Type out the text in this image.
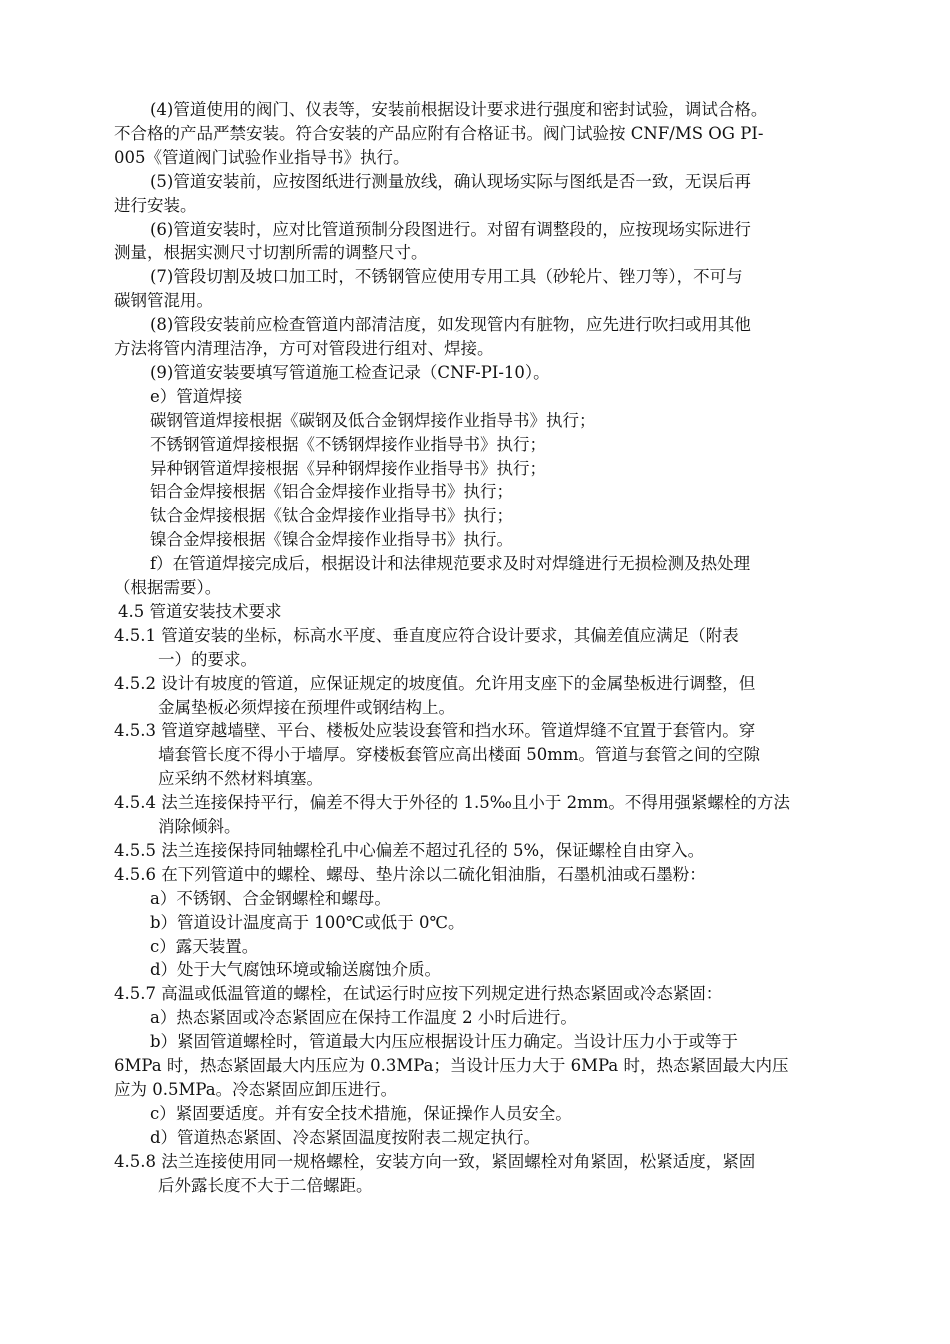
(4)管道使用的阀门、仪表等，安装前根据设计要求进行强度和密封试验，调试合格。
不合格的产品严禁安装。符合安装的产品应附有合格证书。阀门试验按 CNF/MS OG PI-
005《管道阀门试验作业指导书》执行。
(5)管道安装前，应按图纸进行测量放线，确认现场实际与图纸是否一致，无误后再
进行安装。
(6)管道安装时，应对比管道预制分段图进行。对留有调整段的，应按现场实际进行
测量，根据实测尺寸切割所需的调整尺寸。
(7)管段切割及坡口加工时，不锈钢管应使用专用工具（砂轮片、锉刀等），不可与
碳钢管混用。
(8)管段安装前应检查管道内部清洁度，如发现管内有脏物，应先进行吹扫或用其他
方法将管内清理洁净，方可对管段进行组对、焊接。
(9)管道安装要填写管道施工检查记录（CNF-PI-10）。
e）管道焊接
碳钢管道焊接根据《碳钢及低合金钢焊接作业指导书》执行；
不锈钢管道焊接根据《不锈钢焊接作业指导书》执行；
异种钢管道焊接根据《异种钢焊接作业指导书》执行；
铝合金焊接根据《铝合金焊接作业指导书》执行；
钛合金焊接根据《钛合金焊接作业指导书》执行；
镍合金焊接根据《镍合金焊接作业指导书》执行。
f）在管道焊接完成后，根据设计和法律规范要求及时对焊缝进行无损检测及热处理
（根据需要）。
4.5 管道安装技术要求
4.5.1 管道安装的坐标，标高水平度、垂直度应符合设计要求，其偏差值应满足（附表
一）的要求。
4.5.2 设计有坡度的管道，应保证规定的坡度值。允许用支座下的金属垫板进行调整，但
金属垫板必须焊接在预埋件或钢结构上。
4.5.3 管道穿越墙壁、平台、楼板处应装设套管和挡水环。管道焊缝不宜置于套管内。穿
墙套管长度不得小于墙厚。穿楼板套管应高出楼面 50mm。管道与套管之间的空隙
应采纳不然材料填塞。
4.5.4 法兰连接保持平行，偏差不得大于外径的 1.5‰且小于 2mm。不得用强紧螺栓的方法
消除倾斜。
4.5.5 法兰连接保持同轴螺栓孔中心偏差不超过孔径的 5%，保证螺栓自由穿入。
4.5.6 在下列管道中的螺栓、螺母、垫片涂以二硫化钼油脂，石墨机油或石墨粉：
a）不锈钢、合金钢螺栓和螺母。
b）管道设计温度高于 100℃或低于 0℃。
c）露天装置。
d）处于大气腐蚀环境或输送腐蚀介质。
4.5.7 高温或低温管道的螺栓，在试运行时应按下列规定进行热态紧固或冷态紧固：
a）热态紧固或冷态紧固应在保持工作温度 2 小时后进行。
b）紧固管道螺栓时，管道最大内压应根据设计压力确定。当设计压力小于或等于
6MPa 时，热态紧固最大内压应为 0.3MPa；当设计压力大于 6MPa 时，热态紧固最大内压
应为 0.5MPa。冷态紧固应卸压进行。
c）紧固要适度。并有安全技术措施，保证操作人员安全。
d）管道热态紧固、冷态紧固温度按附表二规定执行。
4.5.8 法兰连接使用同一规格螺栓，安装方向一致，紧固螺栓对角紧固，松紧适度，紧固
后外露长度不大于二倍螺距。
